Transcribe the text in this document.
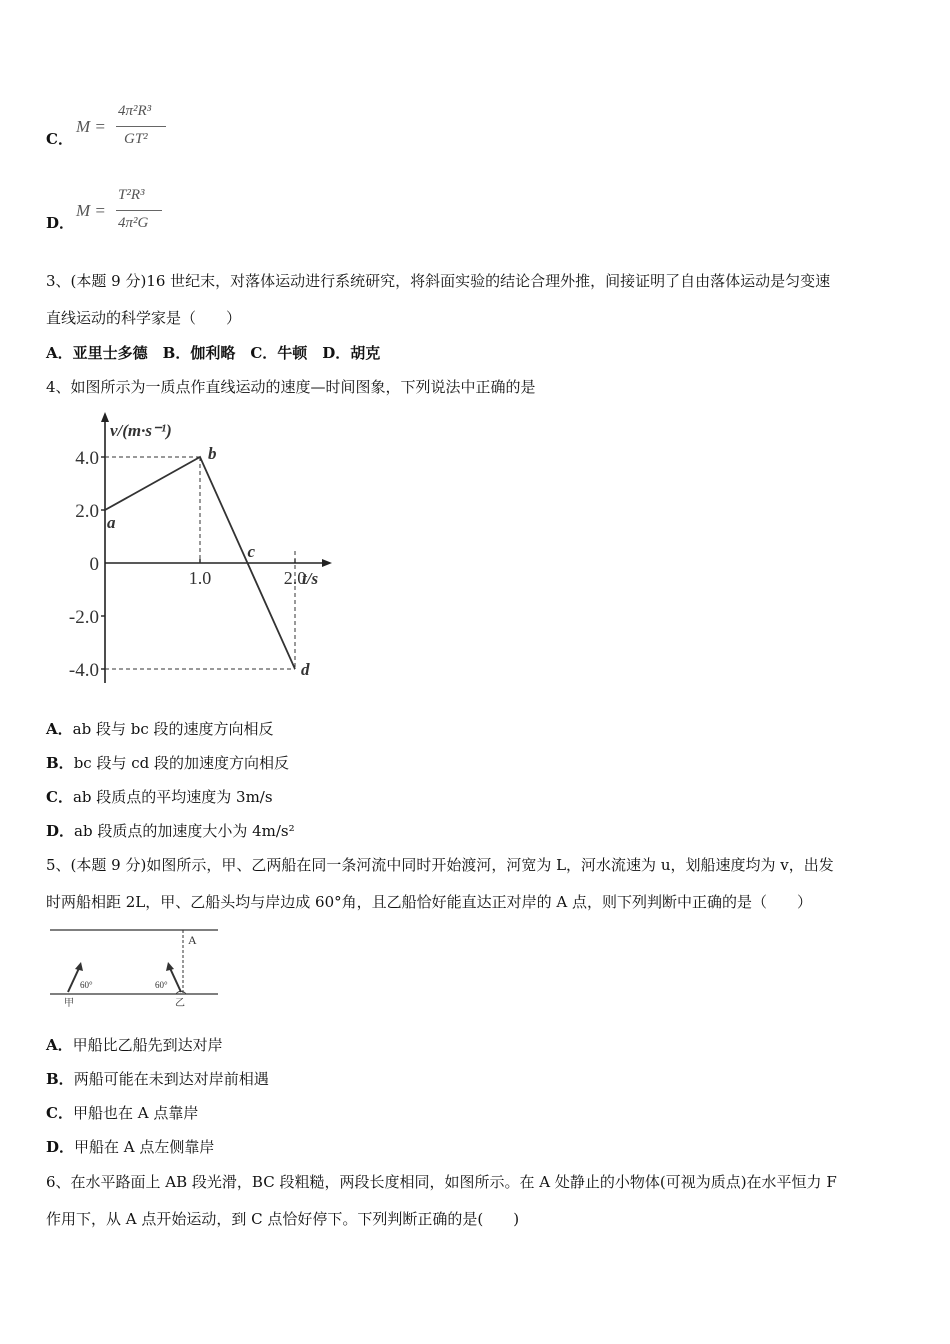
C．
M =
4π²R³
GT²
D．
M =
T²R³
4π²G
3、(本题 9 分)16 世纪末，对落体运动进行系统研究，将斜面实验的结论合理外推，间接证明了自由落体运动是匀变速
直线运动的科学家是（　　）
A．亚里士多德　B．伽利略　C．牛顿　D．胡克
4、如图所示为一质点作直线运动的速度—时间图象，下列说法中正确的是
v/(m·s⁻¹)
t/s
4.0
2.0
0
-2.0
-4.0
1.0	2.0
a
b
c
d
A．ab 段与 bc 段的速度方向相反
B．bc 段与 cd 段的加速度方向相反
C．ab 段质点的平均速度为 3m/s
D．ab 段质点的加速度大小为 4m/s²
5、(本题 9 分)如图所示，甲、乙两船在同一条河流中同时开始渡河，河宽为 L，河水流速为 u，划船速度均为 v，出发
时两船相距 2L，甲、乙船头均与岸边成 60°角，且乙船恰好能直达正对岸的 A 点，则下列判断中正确的是（　　）
A
60°
甲
60°
乙
A．甲船比乙船先到达对岸
B．两船可能在未到达对岸前相遇
C．甲船也在 A 点靠岸
D．甲船在 A 点左侧靠岸
6、在水平路面上 AB 段光滑，BC 段粗糙，两段长度相同，如图所示。在 A 处静止的小物体(可视为质点)在水平恒力 F
作用下，从 A 点开始运动，到 C 点恰好停下。下列判断正确的是(　　)
